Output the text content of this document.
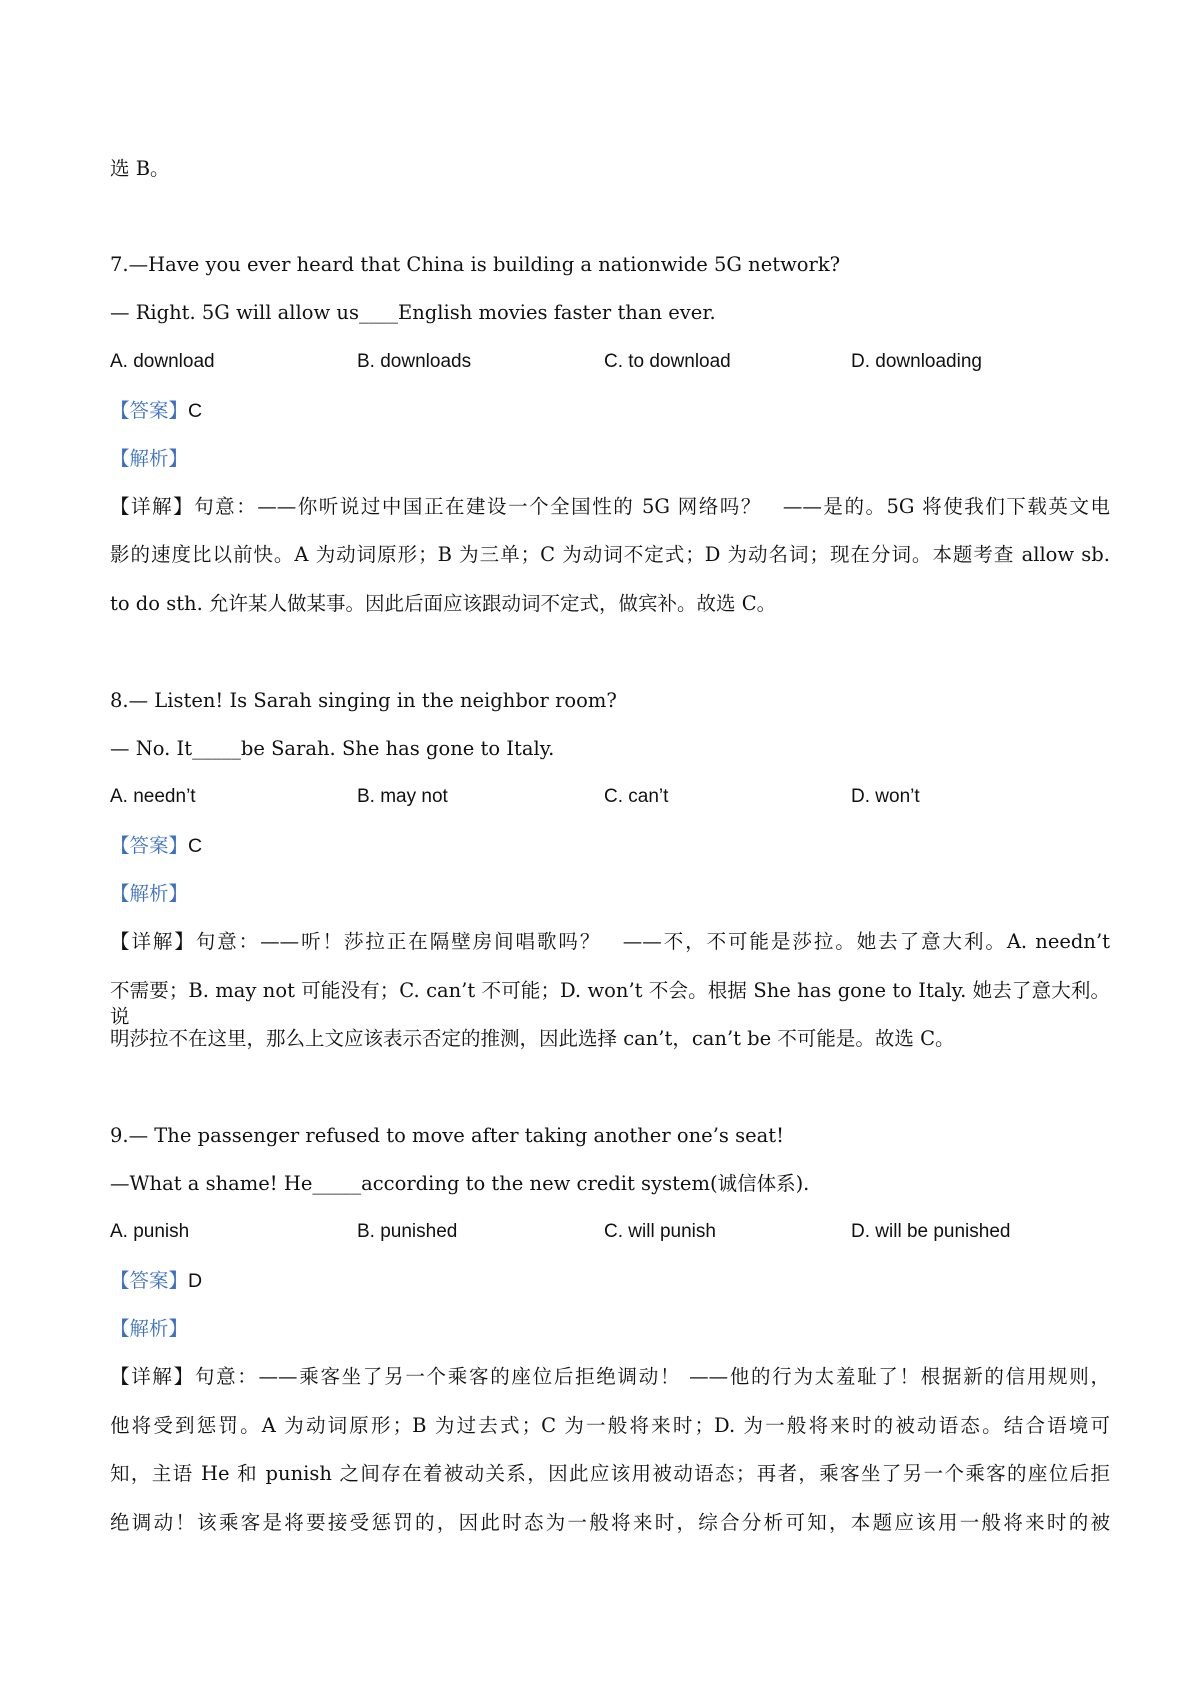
选 B。
7.—Have you ever heard that China is building a nationwide 5G network?
— Right. 5G will allow us____English movies faster than ever.
A. download	B. downloads	C. to download	D. downloading
【答案】C
【解析】
【详解】句意：——你听说过中国正在建设一个全国性的 5G 网络吗？　——是的。5G 将使我们下载英文电
影的速度比以前快。A 为动词原形；B 为三单；C 为动词不定式；D 为动名词；现在分词。本题考查 allow sb.
to do sth. 允许某人做某事。因此后面应该跟动词不定式，做宾补。故选 C。
8.— Listen! Is Sarah singing in the neighbor room?
— No. It_____be Sarah. She has gone to Italy.
A. needn’t	B. may not	C. can’t	D. won’t
【答案】C
【解析】
【详解】句意：——听！莎拉正在隔壁房间唱歌吗？　——不，不可能是莎拉。她去了意大利。A. needn’t
不需要；B. may not 可能没有；C. can’t 不可能；D. won’t 不会。根据 She has gone to Italy. 她去了意大利。说
明莎拉不在这里，那么上文应该表示否定的推测，因此选择 can’t，can’t be 不可能是。故选 C。
9.— The passenger refused to move after taking another one’s seat!
—What a shame! He_____according to the new credit system(诚信体系).
A. punish	B. punished	C. will punish	D. will be punished
【答案】D
【解析】
【详解】句意：——乘客坐了另一个乘客的座位后拒绝调动！ ——他的行为太羞耻了！根据新的信用规则，
他将受到惩罚。A 为动词原形；B 为过去式；C 为一般将来时；D. 为一般将来时的被动语态。结合语境可
知，主语 He 和 punish 之间存在着被动关系，因此应该用被动语态；再者，乘客坐了另一个乘客的座位后拒
绝调动！该乘客是将要接受惩罚的，因此时态为一般将来时，综合分析可知，本题应该用一般将来时的被
